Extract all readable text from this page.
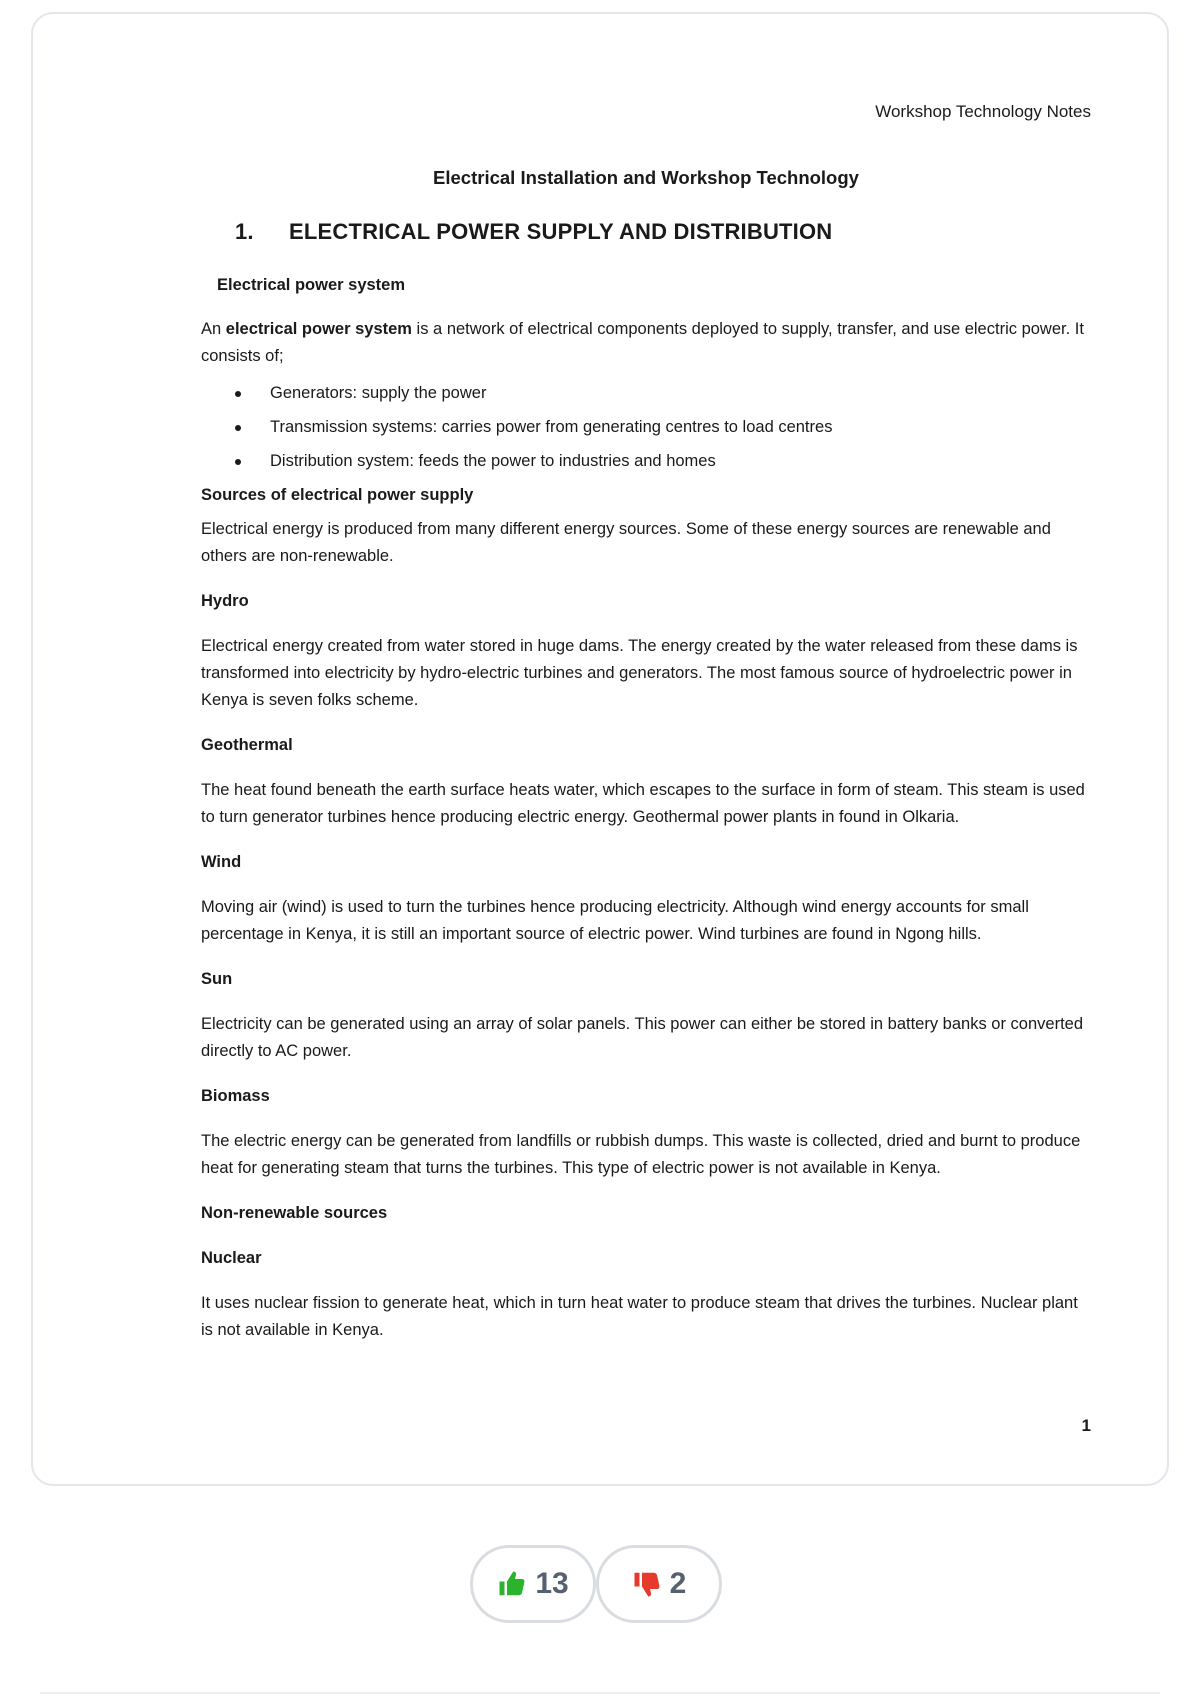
Workshop Technology Notes
Electrical Installation and Workshop Technology
1. ELECTRICAL POWER SUPPLY AND DISTRIBUTION

Electrical power system

An electrical power system is a network of electrical components deployed to supply, transfer, and use electric power. It consists of;

Generators: supply the power
Transmission systems: carries power from generating centres to load centres
Distribution system: feeds the power to industries and homes

Sources of electrical power supply

Electrical energy is produced from many different energy sources. Some of these energy sources are renewable and others are non-renewable.

Hydro

Electrical energy created from water stored in huge dams. The energy created by the water released from these dams is transformed into electricity by hydro-electric turbines and generators. The most famous source of hydroelectric power in Kenya is seven folks scheme.

Geothermal

The heat found beneath the earth surface heats water, which escapes to the surface in form of steam. This steam is used to turn generator turbines hence producing electric energy. Geothermal power plants in found in Olkaria.

Wind

Moving air (wind) is used to turn the turbines hence producing electricity. Although wind energy accounts for small percentage in Kenya, it is still an important source of electric power. Wind turbines are found in Ngong hills.

Sun

Electricity can be generated using an array of solar panels. This power can either be stored in battery banks or converted directly to AC power.

Biomass

The electric energy can be generated from landfills or rubbish dumps. This waste is collected, dried and burnt to produce heat for generating steam that turns the turbines. This type of electric power is not available in Kenya.

Non-renewable sources

Nuclear

It uses nuclear fission to generate heat, which in turn heat water to produce steam that drives the turbines. Nuclear plant is not available in Kenya.

1
13	2
